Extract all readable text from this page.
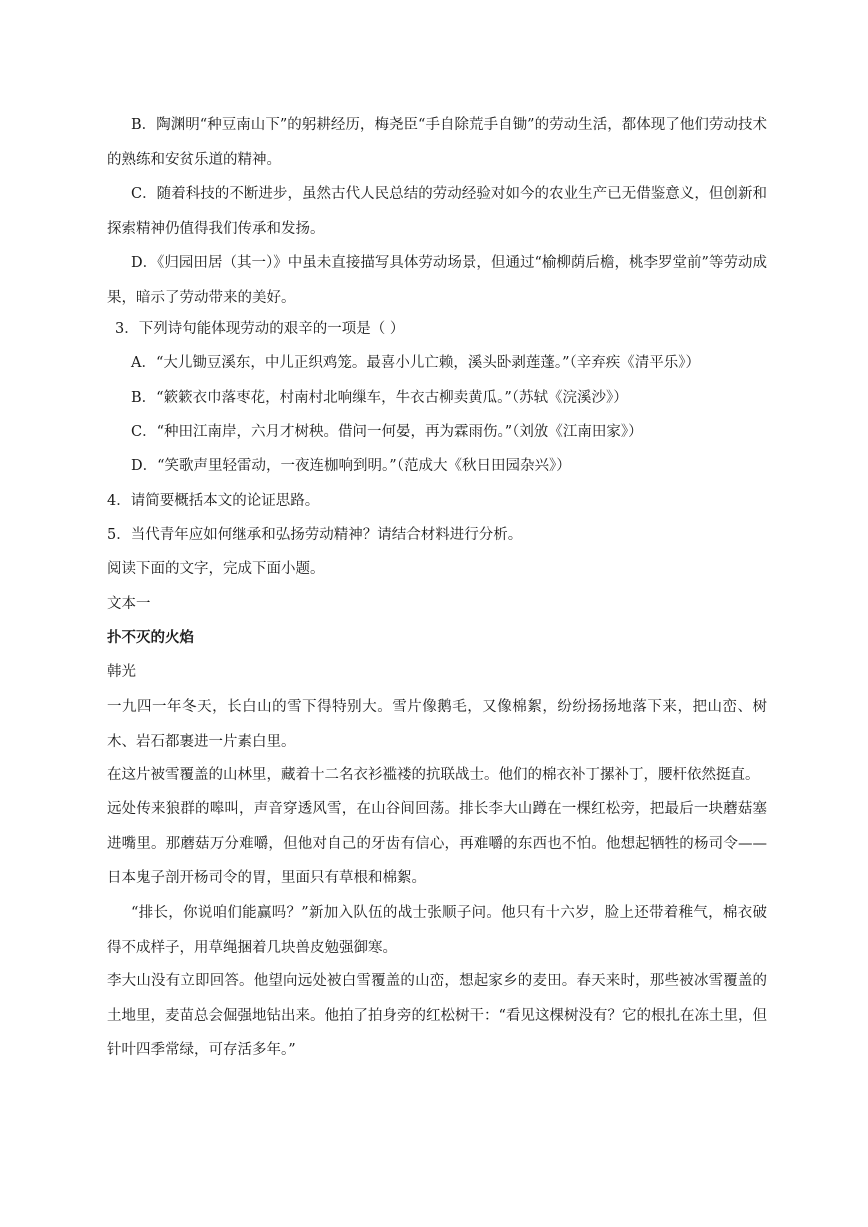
B．陶渊明“种豆南山下”的躬耕经历，梅尧臣“手自除荒手自锄”的劳动生活，都体现了他们劳动技术的熟练和安贫乐道的精神。

C．随着科技的不断进步，虽然古代人民总结的劳动经验对如今的农业生产已无借鉴意义，但创新和探索精神仍值得我们传承和发扬。

D．《归园田居（其一）》中虽未直接描写具体劳动场景，但通过“榆柳荫后檐，桃李罗堂前”等劳动成果，暗示了劳动带来的美好。

3．下列诗句能体现劳动的艰辛的一项是（ ）

A．“大儿锄豆溪东，中儿正织鸡笼。最喜小儿亡赖，溪头卧剥莲蓬。”（辛弃疾《清平乐》）

B．“簌簌衣巾落枣花，村南村北响缫车，牛衣古柳卖黄瓜。”（苏轼《浣溪沙》）

C．“种田江南岸，六月才树秧。借问一何晏，再为霖雨伤。”（刘攽《江南田家》）

D．“笑歌声里轻雷动，一夜连枷响到明。”（范成大《秋日田园杂兴》）

4．请简要概括本文的论证思路。

5．当代青年应如何继承和弘扬劳动精神？请结合材料进行分析。

阅读下面的文字，完成下面小题。

文本一

扑不灭的火焰

韩光

一九四一年冬天，长白山的雪下得特别大。雪片像鹅毛，又像棉絮，纷纷扬扬地落下来，把山峦、树木、岩石都裹进一片素白里。

在这片被雪覆盖的山林里，藏着十二名衣衫褴褛的抗联战士。他们的棉衣补丁摞补丁，腰杆依然挺直。

远处传来狼群的嗥叫，声音穿透风雪，在山谷间回荡。排长李大山蹲在一棵红松旁，把最后一块蘑菇塞进嘴里。那蘑菇万分难嚼，但他对自己的牙齿有信心，再难嚼的东西也不怕。他想起牺牲的杨司令——日本鬼子剖开杨司令的胃，里面只有草根和棉絮。

“排长，你说咱们能赢吗？”新加入队伍的战士张顺子问。他只有十六岁，脸上还带着稚气，棉衣破得不成样子，用草绳捆着几块兽皮勉强御寒。

李大山没有立即回答。他望向远处被白雪覆盖的山峦，想起家乡的麦田。春天来时，那些被冰雪覆盖的土地里，麦苗总会倔强地钻出来。他拍了拍身旁的红松树干：“看见这棵树没有？它的根扎在冻土里，但针叶四季常绿，可存活多年。”
